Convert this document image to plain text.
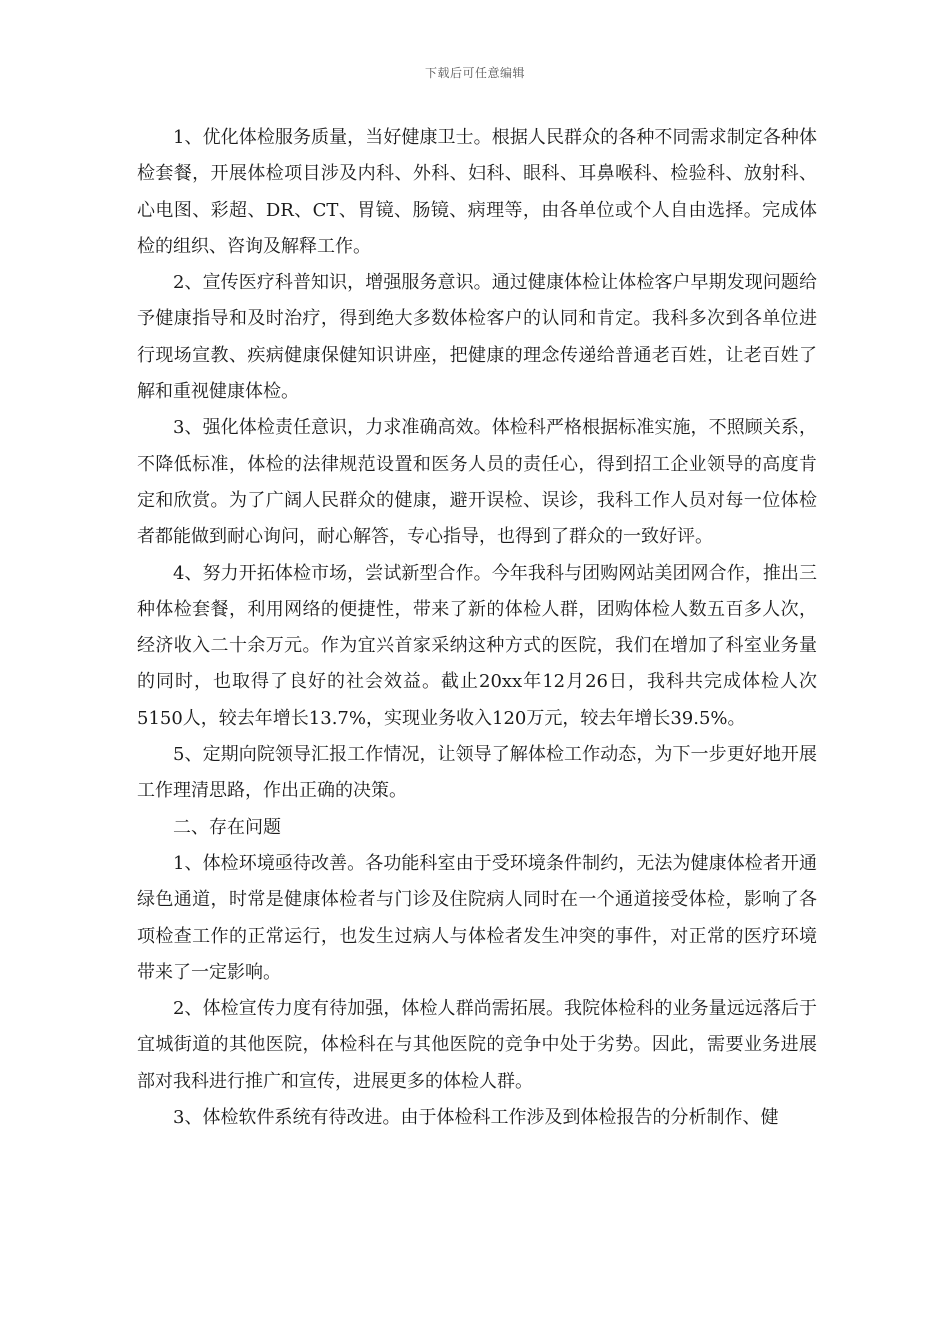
下载后可任意编辑

1、优化体检服务质量，当好健康卫士。根据人民群众的各种不同需求制定各种体检套餐，开展体检项目涉及内科、外科、妇科、眼科、耳鼻喉科、检验科、放射科、心电图、彩超、DR、CT、胃镜、肠镜、病理等，由各单位或个人自由选择。完成体检的组织、咨询及解释工作。

2、宣传医疗科普知识，增强服务意识。通过健康体检让体检客户早期发现问题给予健康指导和及时治疗，得到绝大多数体检客户的认同和肯定。我科多次到各单位进行现场宣教、疾病健康保健知识讲座，把健康的理念传递给普通老百姓，让老百姓了解和重视健康体检。

3、强化体检责任意识，力求准确高效。体检科严格根据标准实施，不照顾关系，不降低标准，体检的法律规范设置和医务人员的责任心，得到招工企业领导的高度肯定和欣赏。为了广阔人民群众的健康，避开误检、误诊，我科工作人员对每一位体检者都能做到耐心询问，耐心解答，专心指导，也得到了群众的一致好评。

4、努力开拓体检市场，尝试新型合作。今年我科与团购网站美团网合作，推出三种体检套餐，利用网络的便捷性，带来了新的体检人群，团购体检人数五百多人次，经济收入二十余万元。作为宜兴首家采纳这种方式的医院，我们在增加了科室业务量的同时，也取得了良好的社会效益。截止20xx年12月26日，我科共完成体检人次5150人，较去年增长13.7%，实现业务收入120万元，较去年增长39.5%。

5、定期向院领导汇报工作情况，让领导了解体检工作动态，为下一步更好地开展工作理清思路，作出正确的决策。

二、存在问题

1、体检环境亟待改善。各功能科室由于受环境条件制约，无法为健康体检者开通绿色通道，时常是健康体检者与门诊及住院病人同时在一个通道接受体检，影响了各项检查工作的正常运行，也发生过病人与体检者发生冲突的事件，对正常的医疗环境带来了一定影响。

2、体检宣传力度有待加强，体检人群尚需拓展。我院体检科的业务量远远落后于宜城街道的其他医院，体检科在与其他医院的竞争中处于劣势。因此，需要业务进展部对我科进行推广和宣传，进展更多的体检人群。

3、体检软件系统有待改进。由于体检科工作涉及到体检报告的分析制作、健
